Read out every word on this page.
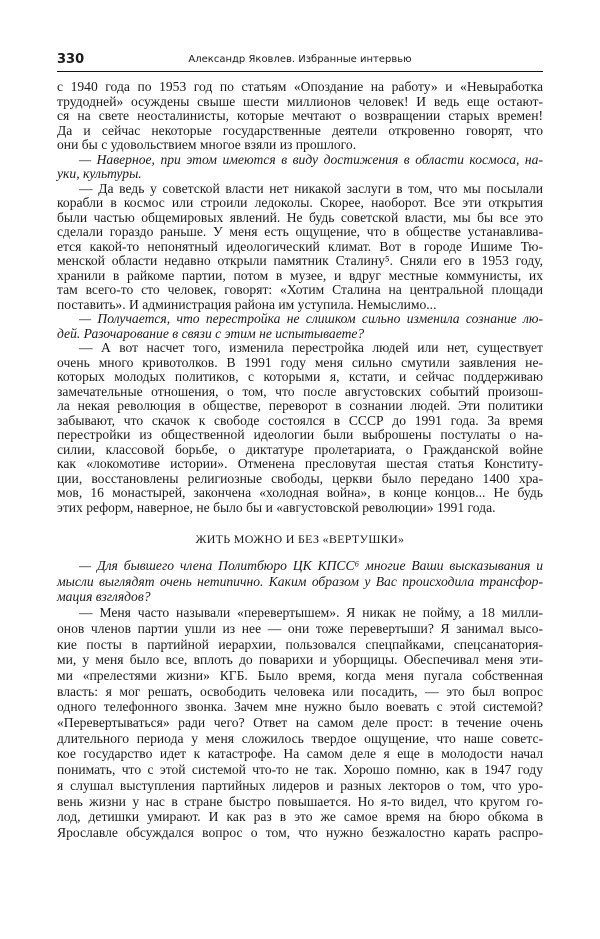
330	Александр Яковлев. Избранные интервью
с 1940 года по 1953 год по статьям «Опоздание на работу» и «Невыработка
трудодней» осуждены свыше шести миллионов человек! И ведь еще остают-
ся на свете неосталинисты, которые мечтают о возвращении старых времен!
Да и сейчас некоторые государственные деятели откровенно говорят, что
они бы с удовольствием многое взяли из прошлого.
— Наверное, при этом имеются в виду достижения в области космоса, на-
уки, культуры.
— Да ведь у советской власти нет никакой заслуги в том, что мы посылали
корабли в космос или строили ледоколы. Скорее, наоборот. Все эти открытия
были частью общемировых явлений. Не будь советской власти, мы бы все это
сделали гораздо раньше. У меня есть ощущение, что в обществе устанавлива-
ется какой-то непонятный идеологический климат. Вот в городе Ишиме Тю-
менской области недавно открыли памятник Сталину⁵. Сняли его в 1953 году,
хранили в райкоме партии, потом в музее, и вдруг местные коммунисты, их
там всего-то сто человек, говорят: «Хотим Сталина на центральной площади
поставить». И администрация района им уступила. Немыслимо...
— Получается, что перестройка не слишком сильно изменила сознание лю-
дей. Разочарование в связи с этим не испытываете?
— А вот насчет того, изменила перестройка людей или нет, существует
очень много кривотолков. В 1991 году меня сильно смутили заявления не-
которых молодых политиков, с которыми я, кстати, и сейчас поддерживаю
замечательные отношения, о том, что после августовских событий произош-
ла некая революция в обществе, переворот в сознании людей. Эти политики
забывают, что скачок к свободе состоялся в СССР до 1991 года. За время
перестройки из общественной идеологии были выброшены постулаты о на-
силии, классовой борьбе, о диктатуре пролетариата, о Гражданской войне
как «локомотиве истории». Отменена пресловутая шестая статья Конститу-
ции, восстановлены религиозные свободы, церкви было передано 1400 хра-
мов, 16 монастырей, закончена «холодная война», в конце концов... Не будь
этих реформ, наверное, не было бы и «августовской революции» 1991 года.
ЖИТЬ МОЖНО И БЕЗ «ВЕРТУШКИ»
— Для бывшего члена Политбюро ЦК КПСС⁶ многие Ваши высказывания и
мысли выглядят очень нетипично. Каким образом у Вас происходила трансфор-
мация взглядов?
— Меня часто называли «перевертышем». Я никак не пойму, а 18 милли-
онов членов партии ушли из нее — они тоже перевертыши? Я занимал высо-
кие посты в партийной иерархии, пользовался спецпайками, спецсанатория-
ми, у меня было все, вплоть до поварихи и уборщицы. Обеспечивал меня эти-
ми «прелестями жизни» КГБ. Было время, когда меня пугала собственная
власть: я мог решать, освободить человека или посадить, — это был вопрос
одного телефонного звонка. Зачем мне нужно было воевать с этой системой?
«Перевертываться» ради чего? Ответ на самом деле прост: в течение очень
длительного периода у меня сложилось твердое ощущение, что наше советс-
кое государство идет к катастрофе. На самом деле я еще в молодости начал
понимать, что с этой системой что-то не так. Хорошо помню, как в 1947 году
я слушал выступления партийных лидеров и разных лекторов о том, что уро-
вень жизни у нас в стране быстро повышается. Но я-то видел, что кругом го-
лод, детишки умирают. И как раз в это же самое время на бюро обкома в
Ярославле обсуждался вопрос о том, что нужно безжалостно карать распро-
